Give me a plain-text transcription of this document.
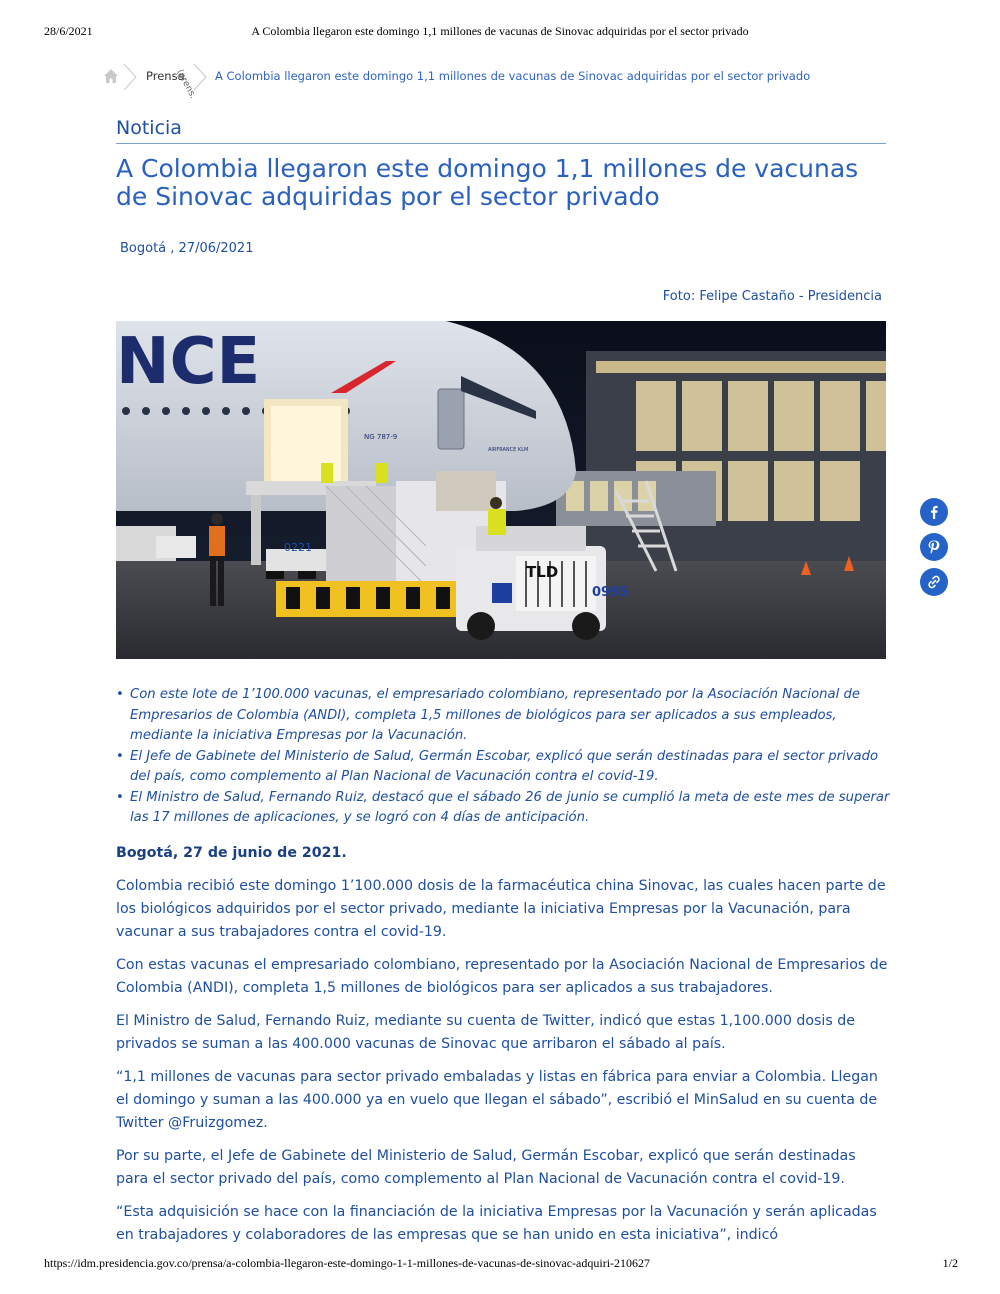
28/6/2021	A Colombia llegaron este domingo 1,1 millones de vacunas de Sinovac adquiridas por el sector privado
Prensa
(prens. A Colombia llegaron este domingo 1,1 millones de vacunas de Sinovac adquiridas por el sector privado
Noticia
A Colombia llegaron este domingo 1,1 millones de vacunas de Sinovac adquiridas por el sector privado
Bogotá , 27/06/2021
Foto: Felipe Castaño - Presidencia
NCE
NG 787-9
AIRFRANCE KLM
0221
TLD
0995
• Con este lote de 1’100.000 vacunas, el empresariado colombiano, representado por la Asociación Nacional de Empresarios de Colombia (ANDI), completa 1,5 millones de biológicos para ser aplicados a sus empleados, mediante la iniciativa Empresas por la Vacunación.
• El Jefe de Gabinete del Ministerio de Salud, Germán Escobar, explicó que serán destinadas para el sector privado del país, como complemento al Plan Nacional de Vacunación contra el covid-19.
• El Ministro de Salud, Fernando Ruiz, destacó que el sábado 26 de junio se cumplió la meta de este mes de superar las 17 millones de aplicaciones, y se logró con 4 días de anticipación.

Bogotá, 27 de junio de 2021.

Colombia recibió este domingo 1’100.000 dosis de la farmacéutica china Sinovac, las cuales hacen parte de los biológicos adquiridos por el sector privado, mediante la iniciativa Empresas por la Vacunación, para vacunar a sus trabajadores contra el covid-19.

Con estas vacunas el empresariado colombiano, representado por la Asociación Nacional de Empresarios de Colombia (ANDI), completa 1,5 millones de biológicos para ser aplicados a sus trabajadores.

El Ministro de Salud, Fernando Ruiz, mediante su cuenta de Twitter, indicó que estas 1,100.000 dosis de privados se suman a las 400.000 vacunas de Sinovac que arribaron el sábado al país.

“1,1 millones de vacunas para sector privado embaladas y listas en fábrica para enviar a Colombia. Llegan el domingo y suman a las 400.000 ya en vuelo que llegan el sábado”, escribió el MinSalud en su cuenta de Twitter @Fruizgomez.

Por su parte, el Jefe de Gabinete del Ministerio de Salud, Germán Escobar, explicó que serán destinadas para el sector privado del país, como complemento al Plan Nacional de Vacunación contra el covid-19.

“Esta adquisición se hace con la financiación de la iniciativa Empresas por la Vacunación y serán aplicadas en trabajadores y colaboradores de las empresas que se han unido en esta iniciativa”, indicó

https://idm.presidencia.gov.co/prensa/a-colombia-llegaron-este-domingo-1-1-millones-de-vacunas-de-sinovac-adquiri-210627	1/2
